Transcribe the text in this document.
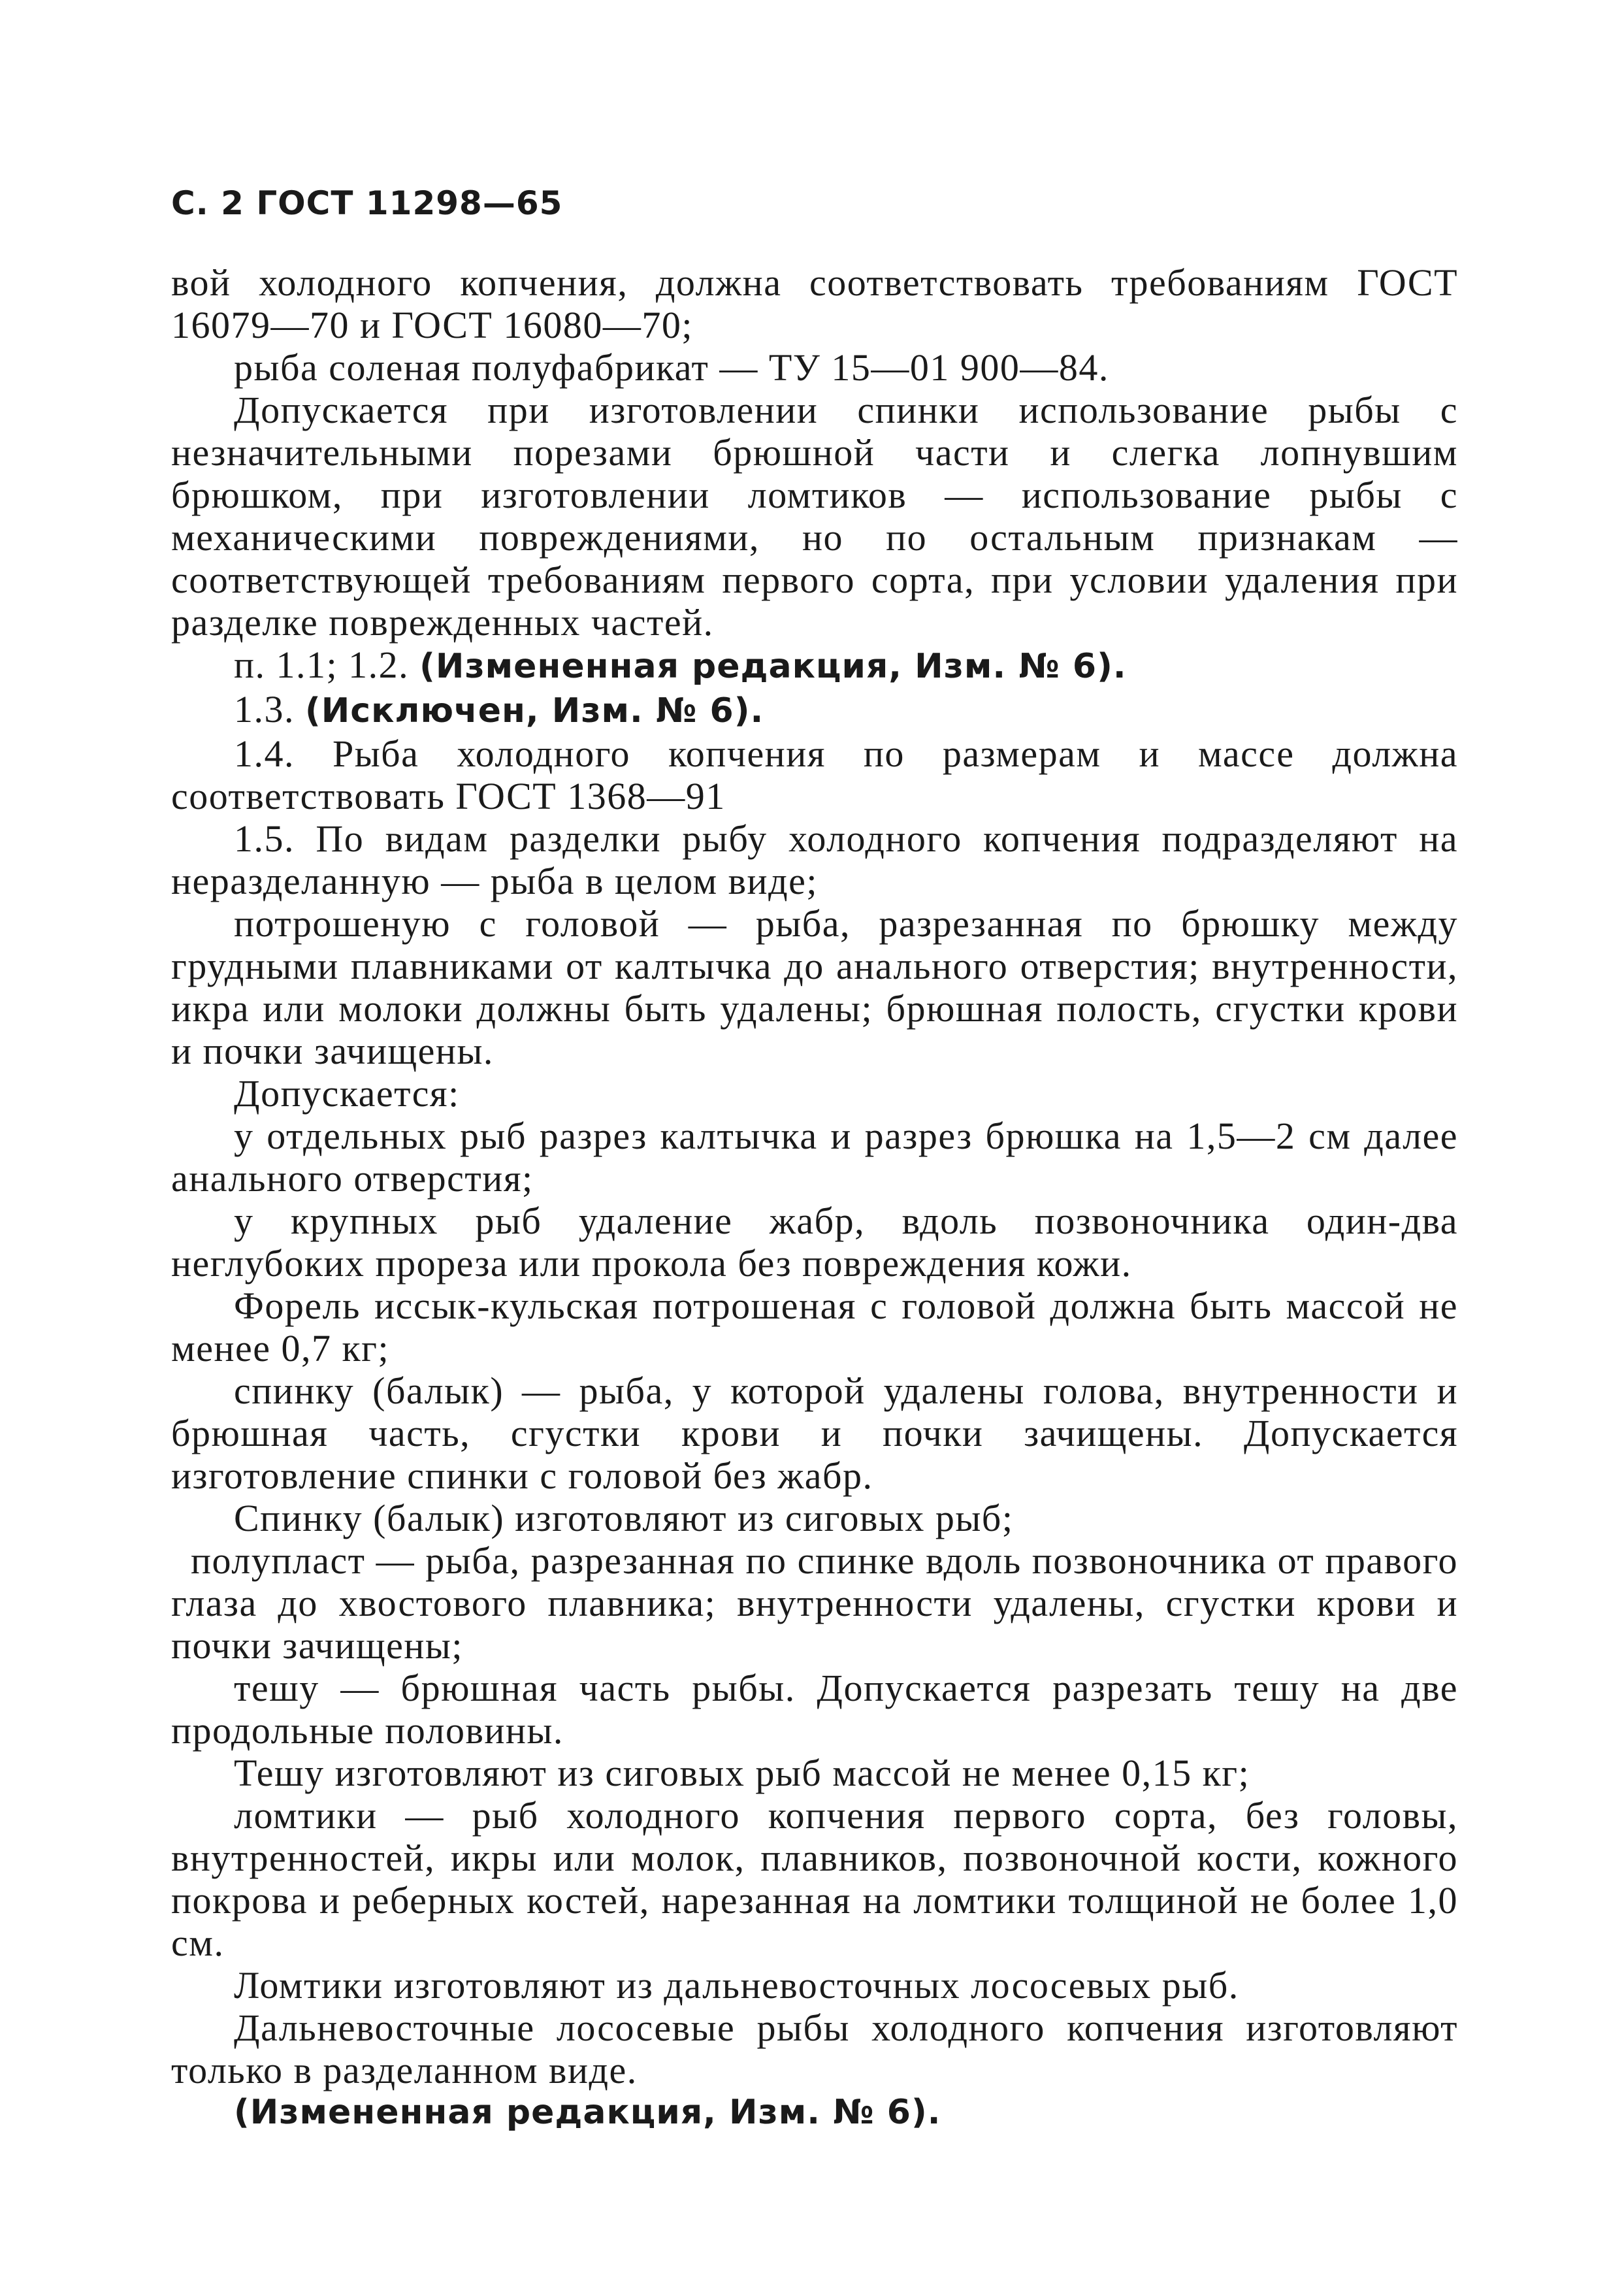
С. 2 ГОСТ 11298—65

вой холодного копчения, должна соответствовать требованиям ГОСТ 16079—70 и ГОСТ 16080—70;

рыба соленая полуфабрикат — ТУ 15—01 900—84.

Допускается при изготовлении спинки использование рыбы с незначительными порезами брюшной части и слегка лопнувшим брюшком, при изготовлении ломтиков — использование рыбы с механическими повреждениями, но по остальным признакам — соответствующей требованиям первого сорта, при условии удаления при разделке поврежденных частей.

п. 1.1; 1.2. (Измененная редакция, Изм. № 6).

1.3. (Исключен, Изм. № 6).

1.4. Рыба холодного копчения по размерам и массе должна соответствовать ГОСТ 1368—91

1.5. По видам разделки рыбу холодного копчения подразделяют на неразделанную — рыба в целом виде;

потрошеную с головой — рыба, разрезанная по брюшку между грудными плавниками от калтычка до анального отверстия; внутренности, икра или молоки должны быть удалены; брюшная полость, сгустки крови и почки зачищены.

Допускается:

у отдельных рыб разрез калтычка и разрез брюшка на 1,5—2 см далее анального отверстия;

у крупных рыб удаление жабр, вдоль позвоночника один-два неглубоких прореза или прокола без повреждения кожи.

Форель иссык-кульская потрошеная с головой должна быть массой не менее 0,7 кг;

спинку (балык) — рыба, у которой удалены голова, внутренности и брюшная часть, сгустки крови и почки зачищены. Допускается изготовление спинки с головой без жабр.

Спинку (балык) изготовляют из сиговых рыб;

полупласт — рыба, разрезанная по спинке вдоль позвоночника от правого глаза до хвостового плавника; внутренности удалены, сгустки крови и почки зачищены;

тешу — брюшная часть рыбы. Допускается разрезать тешу на две продольные половины.

Тешу изготовляют из сиговых рыб массой не менее 0,15 кг;

ломтики — рыб холодного копчения первого сорта, без головы, внутренностей, икры или молок, плавников, позвоночной кости, кожного покрова и реберных костей, нарезанная на ломтики толщиной не более 1,0 см.

Ломтики изготовляют из дальневосточных лососевых рыб.

Дальневосточные лососевые рыбы холодного копчения изготовляют только в разделанном виде.

(Измененная редакция, Изм. № 6).
